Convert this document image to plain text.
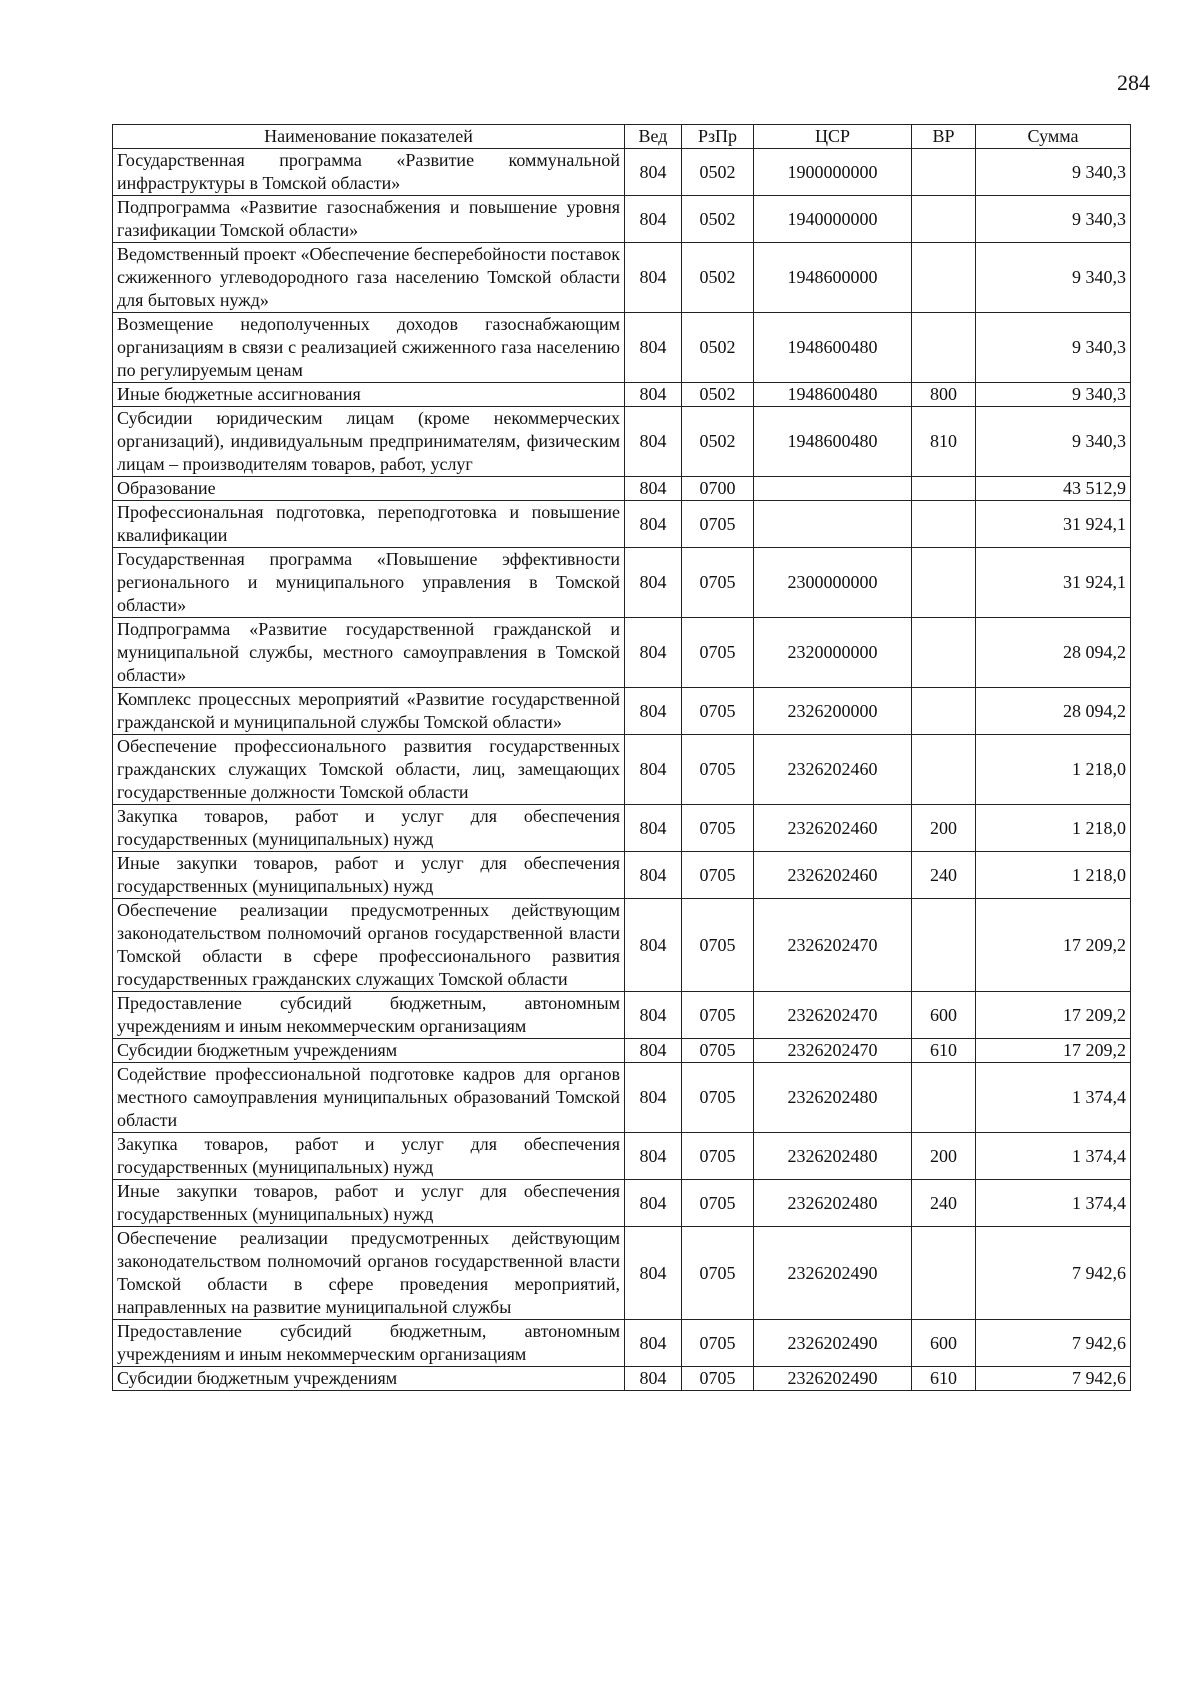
284
Наименование показателей	Вед	РзПр	ЦСР	ВР	Сумма
Государственная программа «Развитие коммунальной инфраструктуры в Томской области»	804	0502	1900000000		9 340,3
Подпрограмма «Развитие газоснабжения и повышение уровня газификации Томской области»	804	0502	1940000000		9 340,3
Ведомственный проект «Обеспечение бесперебойности поставок сжиженного углеводородного газа населению Томской области для бытовых нужд»	804	0502	1948600000		9 340,3
Возмещение недополученных доходов газоснабжающим организациям в связи с реализацией сжиженного газа населению по регулируемым ценам	804	0502	1948600480		9 340,3
Иные бюджетные ассигнования	804	0502	1948600480	800	9 340,3
Субсидии юридическим лицам (кроме некоммерческих организаций), индивидуальным предпринимателям, физическим лицам – производителям товаров, работ, услуг	804	0502	1948600480	810	9 340,3
Образование	804	0700			43 512,9
Профессиональная подготовка, переподготовка и повышение квалификации	804	0705			31 924,1
Государственная программа «Повышение эффективности регионального и муниципального управления в Томской области»	804	0705	2300000000		31 924,1
Подпрограмма «Развитие государственной гражданской и муниципальной службы, местного самоуправления в Томской области»	804	0705	2320000000		28 094,2
Комплекс процессных мероприятий «Развитие государственной гражданской и муниципальной службы Томской области»	804	0705	2326200000		28 094,2
Обеспечение профессионального развития государственных гражданских служащих Томской области, лиц, замещающих государственные должности Томской области	804	0705	2326202460		1 218,0
Закупка товаров, работ и услуг для обеспечения государственных (муниципальных) нужд	804	0705	2326202460	200	1 218,0
Иные закупки товаров, работ и услуг для обеспечения государственных (муниципальных) нужд	804	0705	2326202460	240	1 218,0
Обеспечение реализации предусмотренных действующим законодательством полномочий органов государственной власти Томской области в сфере профессионального развития государственных гражданских служащих Томской области	804	0705	2326202470		17 209,2
Предоставление субсидий бюджетным, автономным учреждениям и иным некоммерческим организациям	804	0705	2326202470	600	17 209,2
Субсидии бюджетным учреждениям	804	0705	2326202470	610	17 209,2
Содействие профессиональной подготовке кадров для органов местного самоуправления муниципальных образований Томской области	804	0705	2326202480		1 374,4
Закупка товаров, работ и услуг для обеспечения государственных (муниципальных) нужд	804	0705	2326202480	200	1 374,4
Иные закупки товаров, работ и услуг для обеспечения государственных (муниципальных) нужд	804	0705	2326202480	240	1 374,4
Обеспечение реализации предусмотренных действующим законодательством полномочий органов государственной власти Томской области в сфере проведения мероприятий, направленных на развитие муниципальной службы	804	0705	2326202490		7 942,6
Предоставление субсидий бюджетным, автономным учреждениям и иным некоммерческим организациям	804	0705	2326202490	600	7 942,6
Субсидии бюджетным учреждениям	804	0705	2326202490	610	7 942,6
